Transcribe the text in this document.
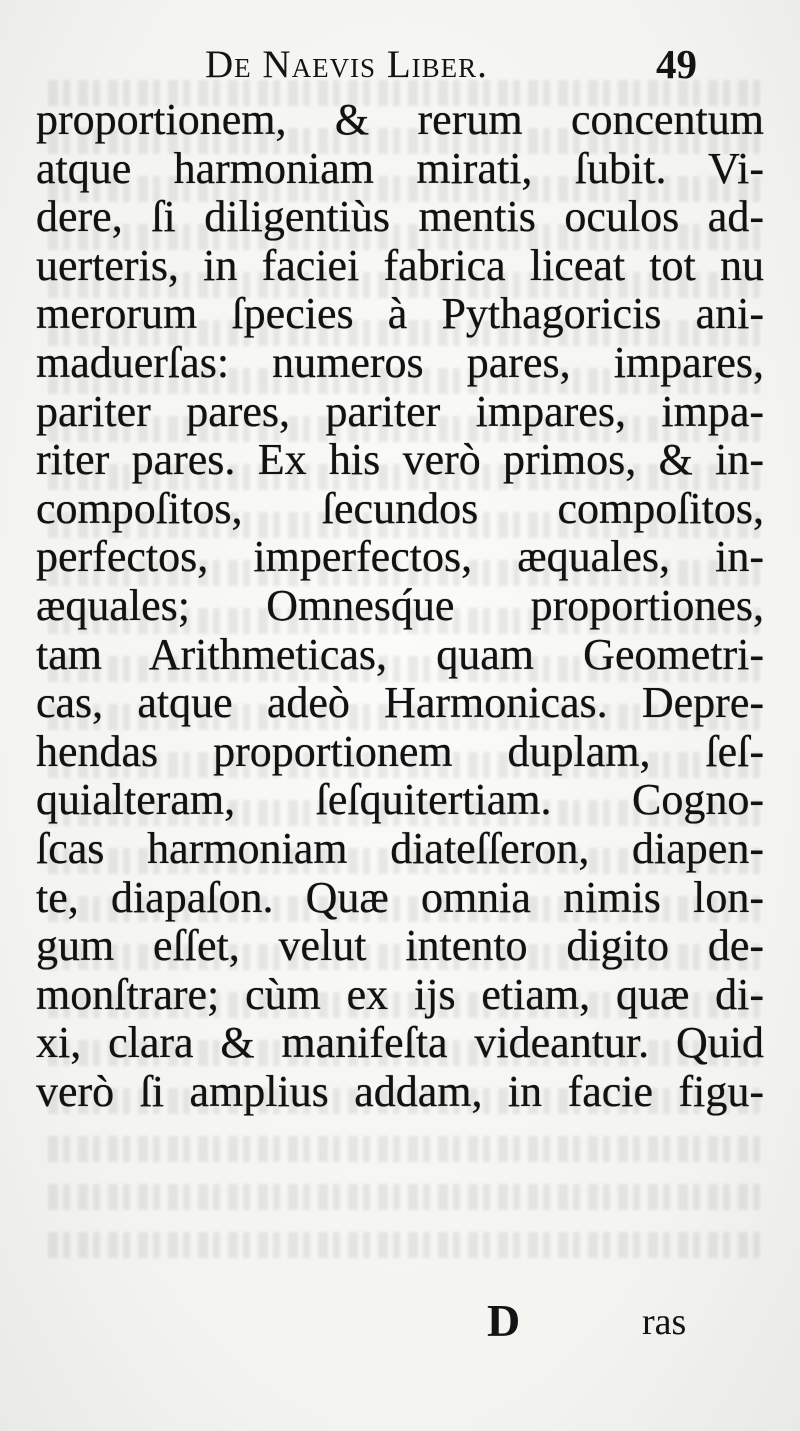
De Naevis Liber.	49
proportionem, & rerum concentum
atque harmoniam mirati, ſubit. Vi-
dere, ſi diligentiùs mentis oculos ad-
uerteris, in faciei fabrica liceat tot nu
merorum ſpecies à Pythagoricis ani-
maduerſas: numeros pares, impares,
pariter pares, pariter impares, impa-
riter pares. Ex his verò primos, & in-
compoſitos, ſecundos compoſitos,
perfectos, imperfectos, æquales, in-
æquales; Omnesq́ue proportiones,
tam Arithmeticas, quam Geometri-
cas, atque adeò Harmonicas. Depre-
hendas proportionem duplam, ſeſ-
quialteram, ſeſquitertiam. Cogno-
ſcas harmoniam diateſſeron, diapen-
te, diapaſon. Quæ omnia nimis lon-
gum eſſet, velut intento digito de-
monſtrare; cùm ex ijs etiam, quæ di-
xi, clara & manifeſta videantur. Quid
verò ſi amplius addam, in facie figu-
D	ras
